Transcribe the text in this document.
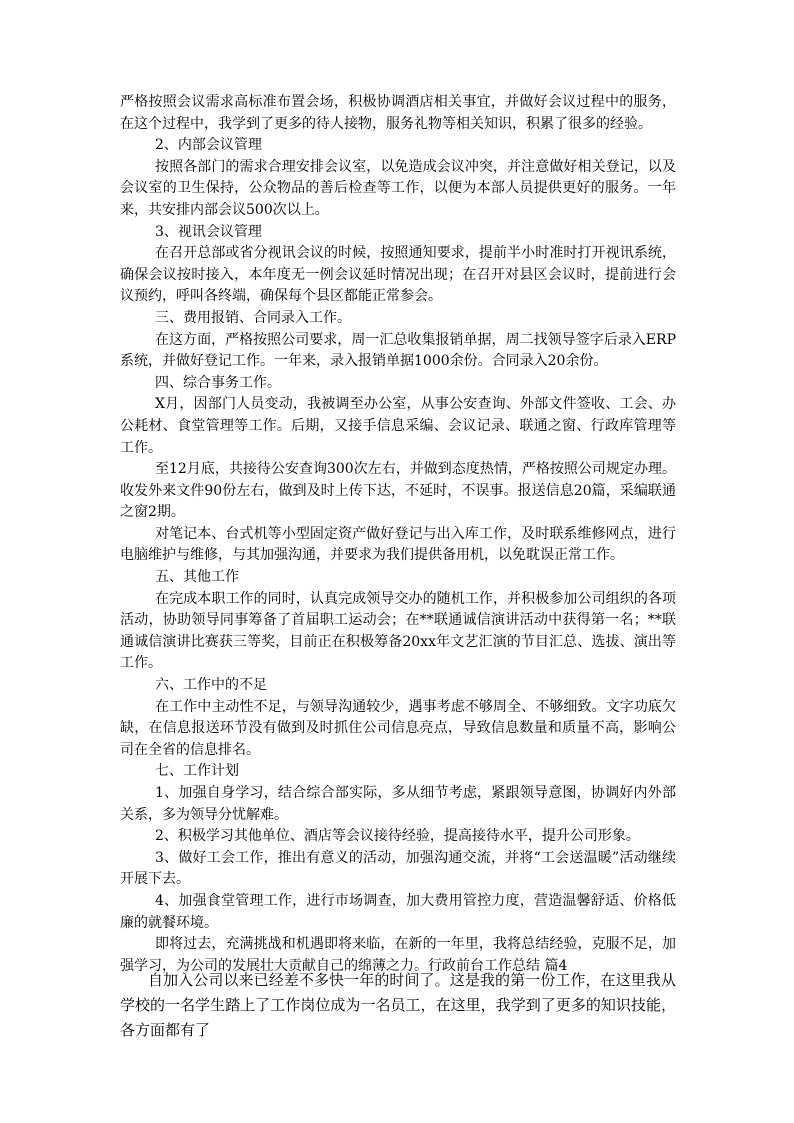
严格按照会议需求高标准布置会场，积极协调酒店相关事宜，并做好会议过程中的服务，在这个过程中，我学到了更多的待人接物，服务礼物等相关知识，积累了很多的经验。

2、内部会议管理

按照各部门的需求合理安排会议室，以免造成会议冲突，并注意做好相关登记，以及会议室的卫生保持，公众物品的善后检查等工作，以便为本部人员提供更好的服务。一年来，共安排内部会议500次以上。

3、视讯会议管理

在召开总部或省分视讯会议的时候，按照通知要求，提前半小时准时打开视讯系统，确保会议按时接入，本年度无一例会议延时情况出现；在召开对县区会议时，提前进行会议预约，呼叫各终端，确保每个县区都能正常参会。

三、费用报销、合同录入工作。

在这方面，严格按照公司要求，周一汇总收集报销单据，周二找领导签字后录入ERP系统，并做好登记工作。一年来，录入报销单据1000余份。合同录入20余份。

四、综合事务工作。

X月，因部门人员变动，我被调至办公室，从事公安查询、外部文件签收、工会、办公耗材、食堂管理等工作。后期，又接手信息采编、会议记录、联通之窗、行政库管理等工作。

至12月底，共接待公安查询300次左右，并做到态度热情，严格按照公司规定办理。收发外来文件90份左右，做到及时上传下达，不延时，不误事。报送信息20篇，采编联通之窗2期。

对笔记本、台式机等小型固定资产做好登记与出入库工作，及时联系维修网点，进行电脑维护与维修，与其加强沟通，并要求为我们提供备用机，以免耽误正常工作。

五、其他工作

在完成本职工作的同时，认真完成领导交办的随机工作，并积极参加公司组织的各项活动，协助领导同事筹备了首届职工运动会；在**联通诚信演讲活动中获得第一名；**联通诚信演讲比赛获三等奖，目前正在积极筹备20xx年文艺汇演的节目汇总、选拔、演出等工作。

六、工作中的不足

在工作中主动性不足，与领导沟通较少，遇事考虑不够周全、不够细致。文字功底欠缺，在信息报送环节没有做到及时抓住公司信息亮点，导致信息数量和质量不高，影响公司在全省的信息排名。

七、工作计划

1、加强自身学习，结合综合部实际，多从细节考虑，紧跟领导意图，协调好内外部关系，多为领导分忧解难。

2、积极学习其他单位、酒店等会议接待经验，提高接待水平，提升公司形象。

3、做好工会工作，推出有意义的活动，加强沟通交流，并将“工会送温暖”活动继续开展下去。

4、加强食堂管理工作，进行市场调查，加大费用管控力度，营造温馨舒适、价格低廉的就餐环境。

即将过去，充满挑战和机遇即将来临，在新的一年里，我将总结经验，克服不足，加强学习，为公司的发展壮大贡献自己的绵薄之力。行政前台工作总结 篇4

自加入公司以来已经差不多快一年的时间了。这是我的第一份工作，在这里我从学校的一名学生踏上了工作岗位成为一名员工，在这里，我学到了更多的知识技能，各方面都有了
